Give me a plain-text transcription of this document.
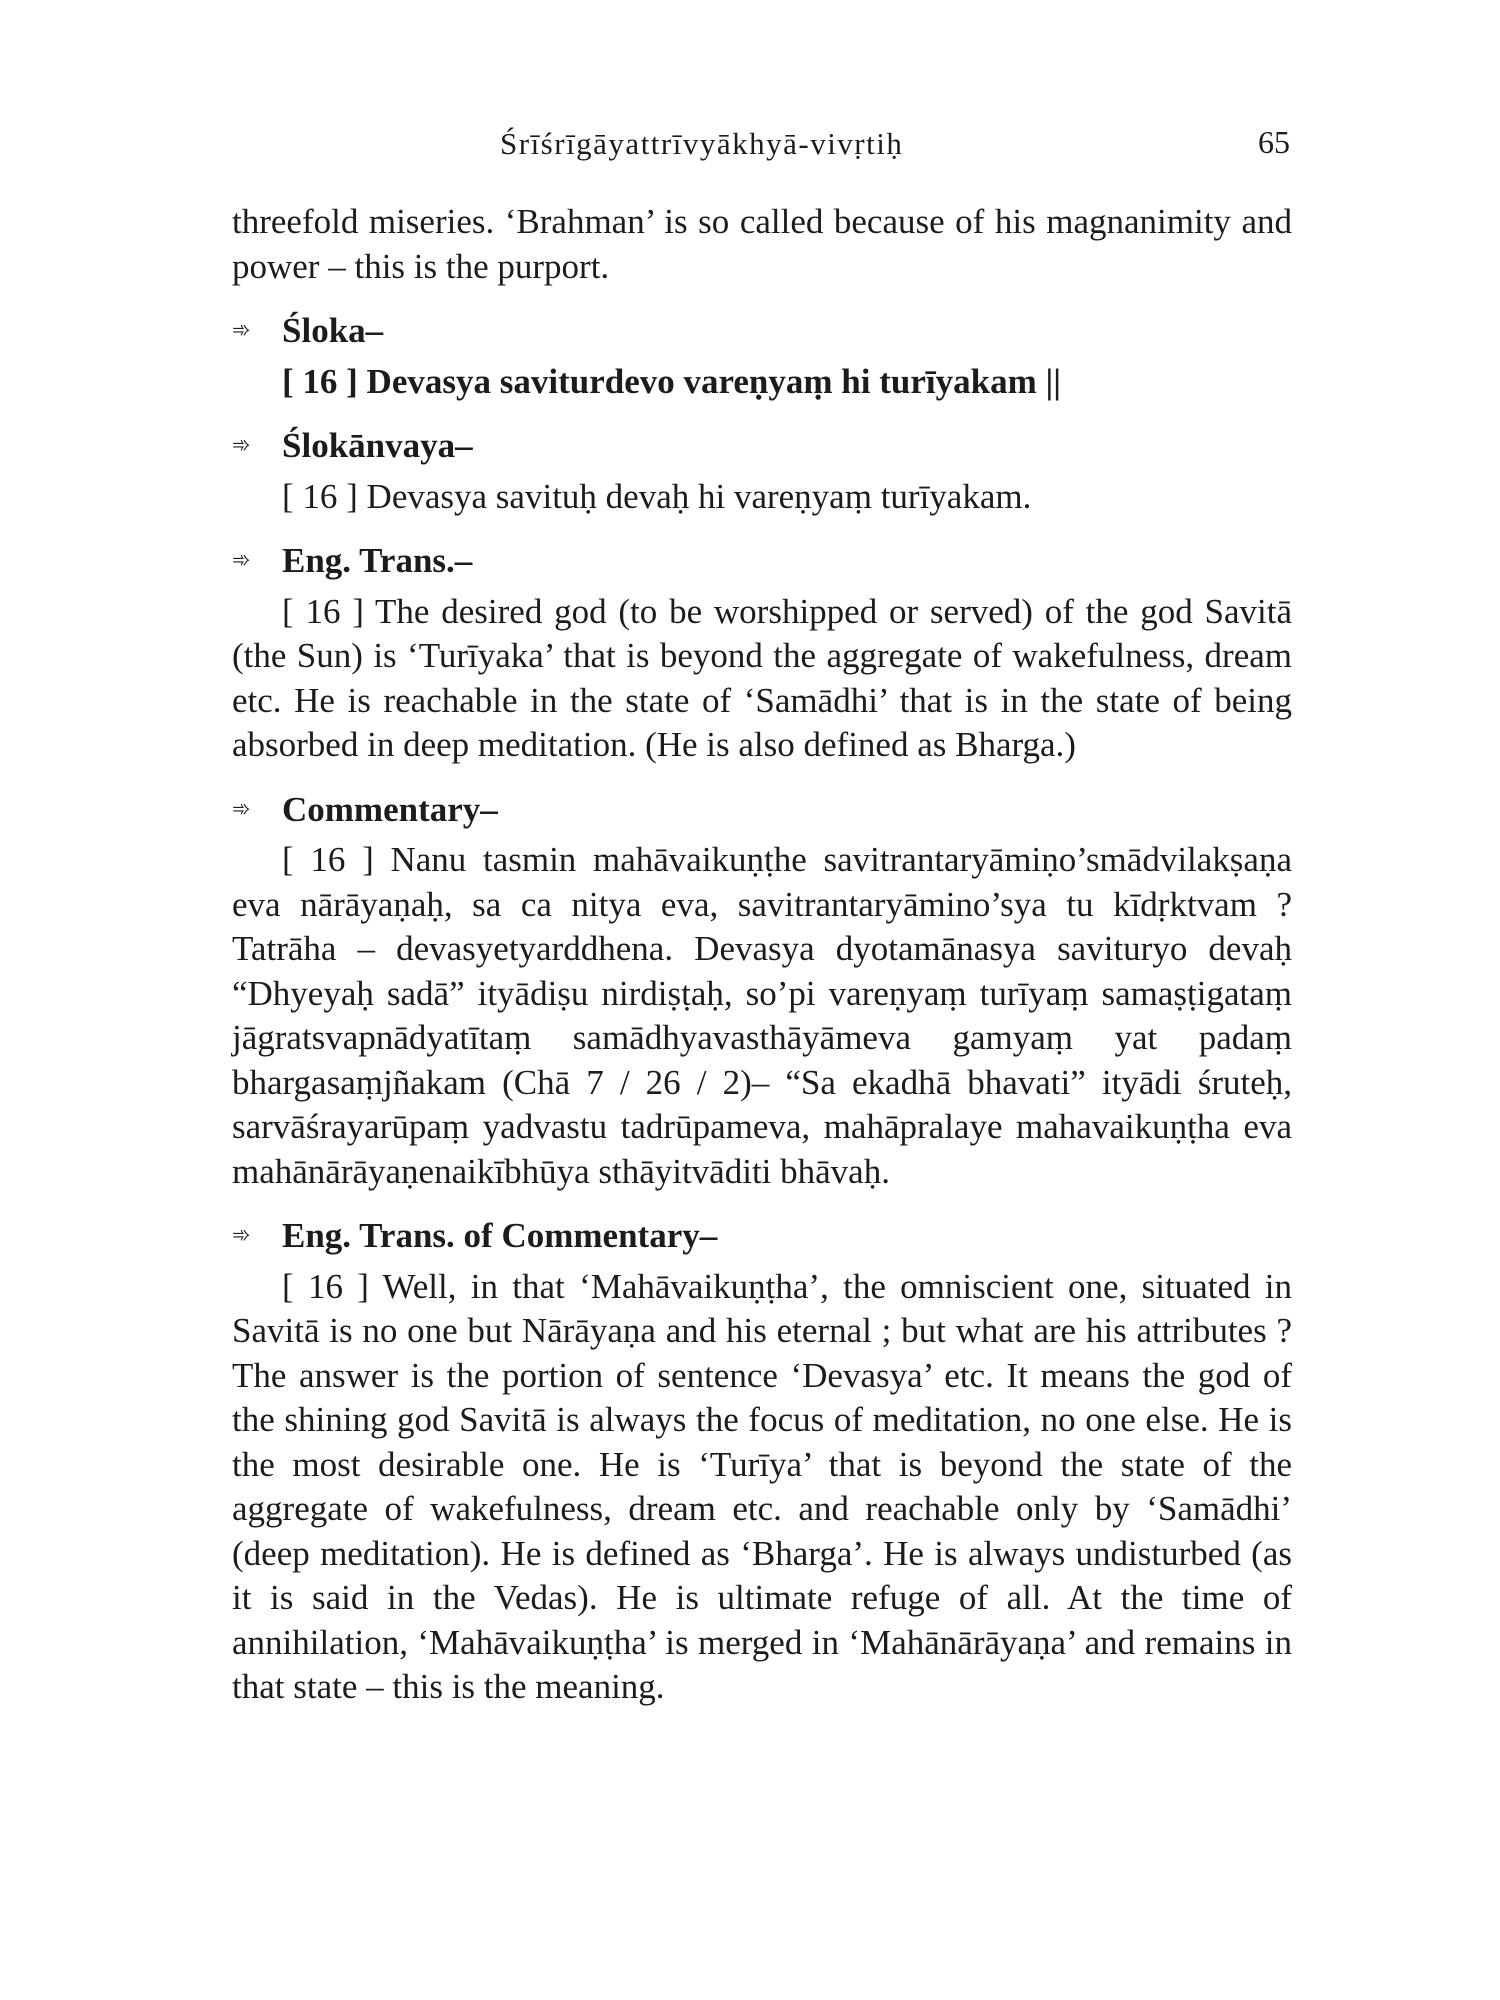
Śrīśrīgāyattrīvyākhyā-vivṛtiḥ	65

threefold miseries. ‘Brahman’ is so called because of his magnanimity and power – this is the purport.

➾ Śloka–

[ 16 ] Devasya saviturdevo vareṇyaṃ hi turīyakam ||

➾ Ślokānvaya–

[ 16 ] Devasya savituḥ devaḥ hi vareṇyaṃ turīyakam.

➾ Eng. Trans.–

[ 16 ] The desired god (to be worshipped or served) of the god Savitā (the Sun) is ‘Turīyaka’ that is beyond the aggregate of wakefulness, dream etc. He is reachable in the state of ‘Samādhi’ that is in the state of being absorbed in deep meditation. (He is also defined as Bharga.)

➾ Commentary–

[ 16 ] Nanu tasmin mahāvaikuṇṭhe savitrantaryāmiṇo’smādvilakṣaṇa eva nārāyaṇaḥ, sa ca nitya eva, savitrantaryāmino’sya tu kīdṛktvam ? Tatrāha – devasyetyarddhena. Devasya dyotamānasya savituryo devaḥ “Dhyeyaḥ sadā” ityādiṣu nirdiṣṭaḥ, so’pi vareṇyaṃ turīyaṃ samaṣṭigataṃ jāgratsvapnādyatītaṃ samādhyavasthāyāmeva gamyaṃ yat padaṃ bhargasaṃjñakam (Chā 7 / 26 / 2)– “Sa ekadhā bhavati” ityādi śruteḥ, sarvāśrayarūpaṃ yadvastu tadrūpameva, mahāpralaye mahavaikuṇṭha eva mahānārāyaṇenaikībhūya sthāyitvāditi bhāvaḥ.

➾ Eng. Trans. of Commentary–

[ 16 ] Well, in that ‘Mahāvaikuṇṭha’, the omniscient one, situated in Savitā is no one but Nārāyaṇa and his eternal ; but what are his attributes ? The answer is the portion of sentence ‘Devasya’ etc. It means the god of the shining god Savitā is always the focus of meditation, no one else. He is the most desirable one. He is ‘Turīya’ that is beyond the state of the aggregate of wakefulness, dream etc. and reachable only by ‘Samādhi’ (deep meditation). He is defined as ‘Bharga’. He is always undisturbed (as it is said in the Vedas). He is ultimate refuge of all. At the time of annihilation, ‘Mahāvaikuṇṭha’ is merged in ‘Mahānārāyaṇa’ and remains in that state – this is the meaning.
